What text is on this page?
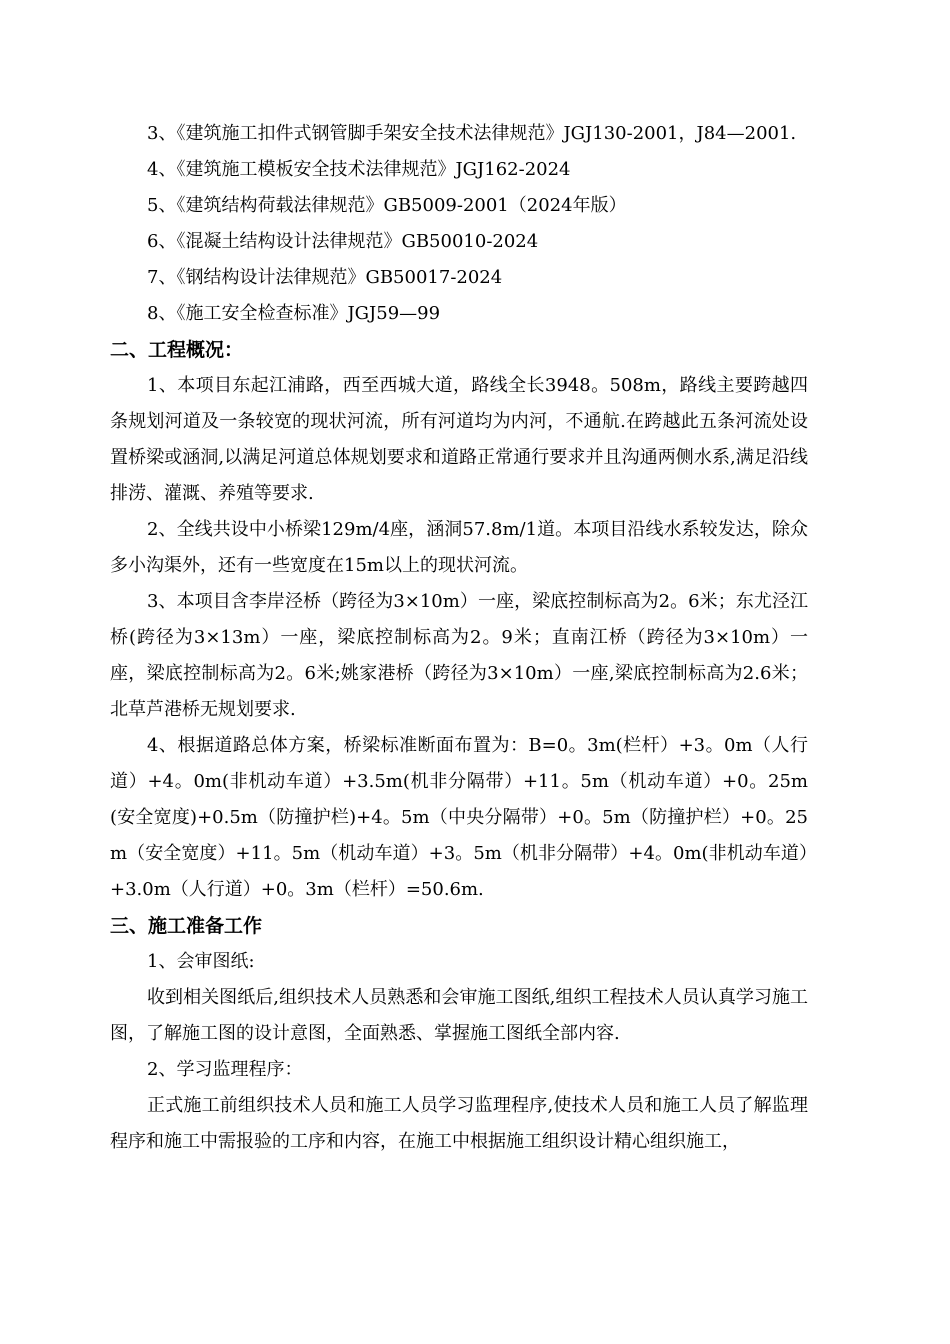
3、《建筑施工扣件式钢管脚手架安全技术法律规范》JGJ130-2001，J84—2001.

4、《建筑施工模板安全技术法律规范》JGJ162-2024

5、《建筑结构荷载法律规范》GB5009-2001（2024年版）

6、《混凝土结构设计法律规范》GB50010-2024

7、《钢结构设计法律规范》GB50017-2024

8、《施工安全检查标准》JGJ59—99

二、工程概况：

1、本项目东起江浦路，西至西城大道，路线全长3948。508m，路线主要跨越四条规划河道及一条较宽的现状河流，所有河道均为内河，不通航.在跨越此五条河流处设置桥梁或涵洞,以满足河道总体规划要求和道路正常通行要求并且沟通两侧水系,满足沿线排涝、灌溉、养殖等要求.

2、全线共设中小桥梁129m/4座，涵洞57.8m/1道。本项目沿线水系较发达，除众多小沟渠外，还有一些宽度在15m以上的现状河流。

3、本项目含李岸泾桥（跨径为3×10m）一座，梁底控制标高为2。6米；东尤泾江桥(跨径为3×13m）一座，梁底控制标高为2。9米；直南江桥（跨径为3×10m）一座，梁底控制标高为2。6米;姚家港桥（跨径为3×10m）一座,梁底控制标高为2.6米；北草芦港桥无规划要求.

4、根据道路总体方案，桥梁标准断面布置为：B=0。3m(栏杆）+3。0m（人行道）+4。0m(非机动车道）+3.5m(机非分隔带）+11。5m（机动车道）+0。25m(安全宽度)+0.5m（防撞护栏)+4。5m（中央分隔带）+0。5m（防撞护栏）+0。25m（安全宽度）+11。5m（机动车道）+3。5m（机非分隔带）+4。0m(非机动车道）+3.0m（人行道）+0。3m（栏杆）=50.6m.

三、施工准备工作

1、会审图纸:

收到相关图纸后,组织技术人员熟悉和会审施工图纸,组织工程技术人员认真学习施工图，了解施工图的设计意图，全面熟悉、掌握施工图纸全部内容.

2、学习监理程序：

正式施工前组织技术人员和施工人员学习监理程序,使技术人员和施工人员了解监理程序和施工中需报验的工序和内容，在施工中根据施工组织设计精心组织施工，
